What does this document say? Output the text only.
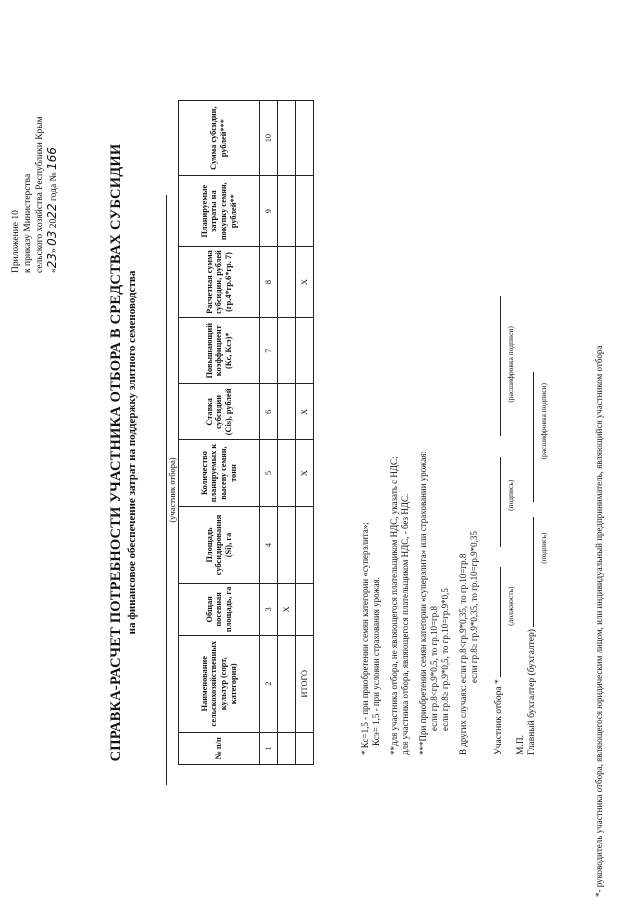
Приложение 10 к приказу Министерства сельского хозяйства Республики Крым «23» 03 2022 года № 166	СПРАВКА-РАСЧЕТ ПОТРЕБНОСТИ УЧАСТНИКА ОТБОРА В СРЕДСТВАХ СУБСИДИИ на финансовое обеспечение затрат на поддержку элитного семеноводства	(участник отбора)
№ п/п	Наименование сельскохозяйственных культур (сорт, категория)	Общая посевная площадь, га	Площадь субсидирования (Si), га	Количество планируемых к высеву семян, тонн	Ставка субсидии (Сis), рублей	Повышающий коэффициент (Кс, Ксэ)*	Расчетная сумма субсидии, рублей (гр.4*гр.6*гр. 7)	Планируемые затраты на покупку семян, рублей**	Сумма субсидии, рублей***
1	2	3	4	5	6	7	8	9	10
		X							
	ИТОГО			X	X		X		

* Кс=1,5 - при приобретении семян категории «суперэлита»; Ксэ= 1,5 - при условии страхования урожая. **для участника отбора, не являющегося плательщиком НДС, указать с НДС; для участника отбора, являющегося плательщиком НДС, - без НДС. ***При приобретении семян категории «суперэлита» или страховании урожая: если гр.8<гр.9*0,5, то гр.10=гр.8 если гр.8≥ гр.9*0,5, то гр.10=гр.9*0,5 В других случаях: если гр.8<гр.9*0,35, то гр.10=гр.8 если гр.8≥ гр.9*0,35, то гр.10=гр.9*0,35

Участник отбора *
(должность) (подпись) (расшифровка подписи)
М.П. Главный бухгалтер (бухгалтер)
(подпись) (расшифровка подписи)	*- руководитель участника отбора, являющегося юридическим лицом, или индивидуальный предприниматель, являющийся участником отбора
